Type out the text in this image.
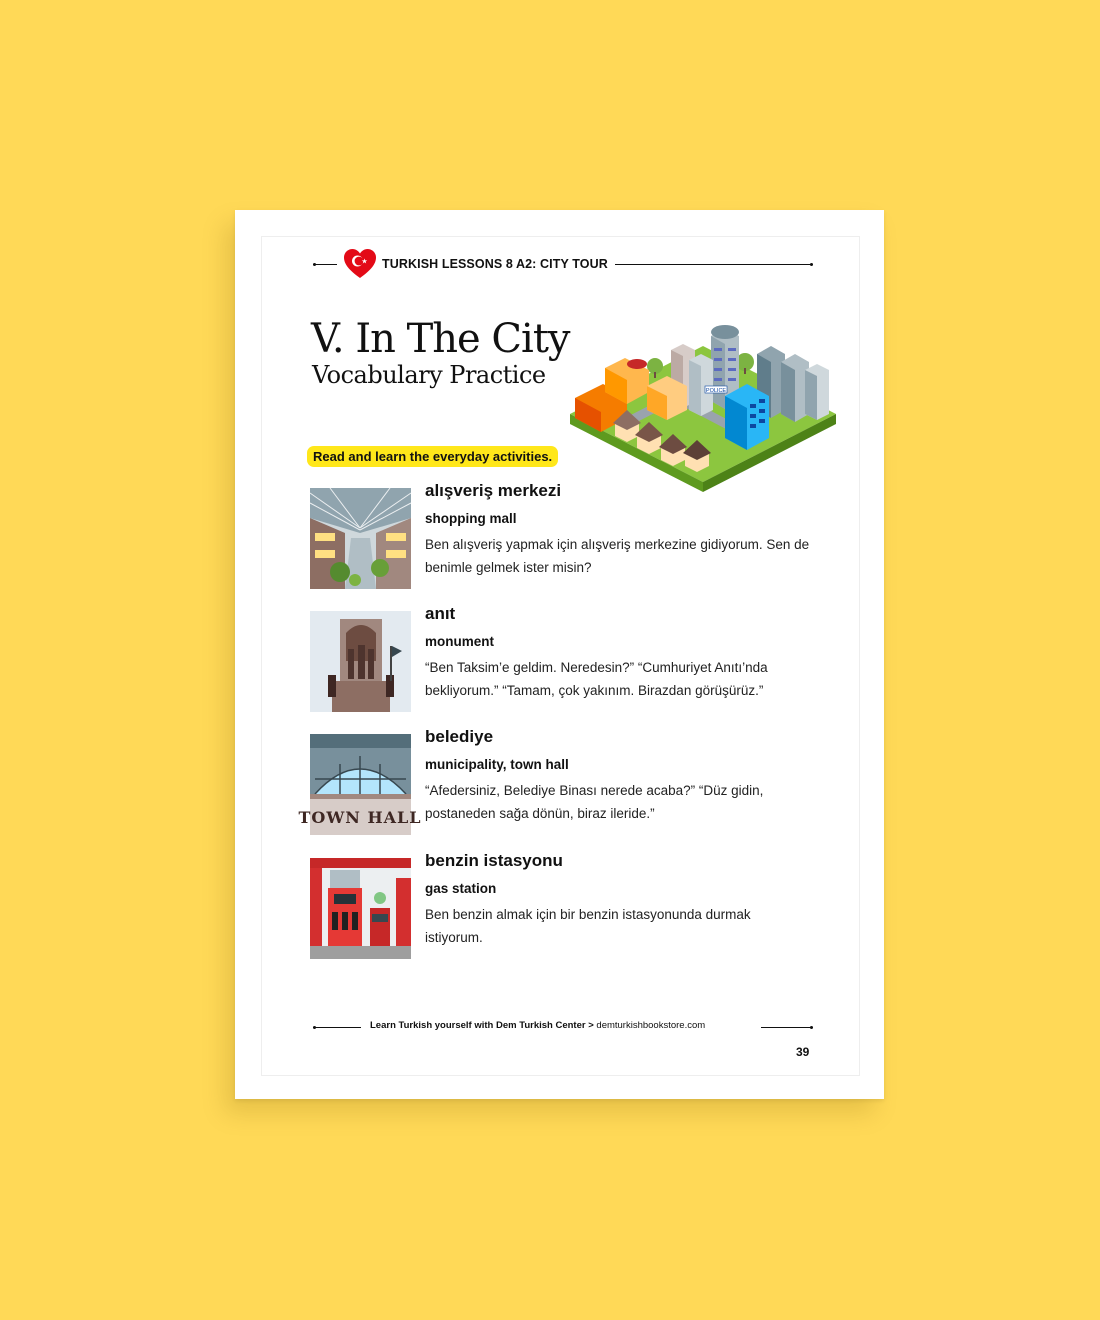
TURKISH LESSONS 8 A2: CITY TOUR
V. In The City
Vocabulary Practice
POLICE
Read and learn the everyday activities.
alışveriş merkezi
shopping mall
Ben alışveriş yapmak için alışveriş merkezine gidiyorum. Sen de benimle gelmek ister misin?
anıt
monument
“Ben Taksim’e geldim. Neredesin?” “Cumhuriyet Anıtı’nda bekliyorum.” “Tamam, çok yakınım. Birazdan görüşürüz.”
TOWN HALL
belediye
municipality, town hall
“Afedersiniz, Belediye Binası nerede acaba?” “Düz gidin, postaneden sağa dönün, biraz ileride.”
benzin istasyonu
gas station
Ben benzin almak için bir benzin istasyonunda durmak istiyorum.
Learn Turkish yourself with Dem Turkish Center > demturkishbookstore.com
39
